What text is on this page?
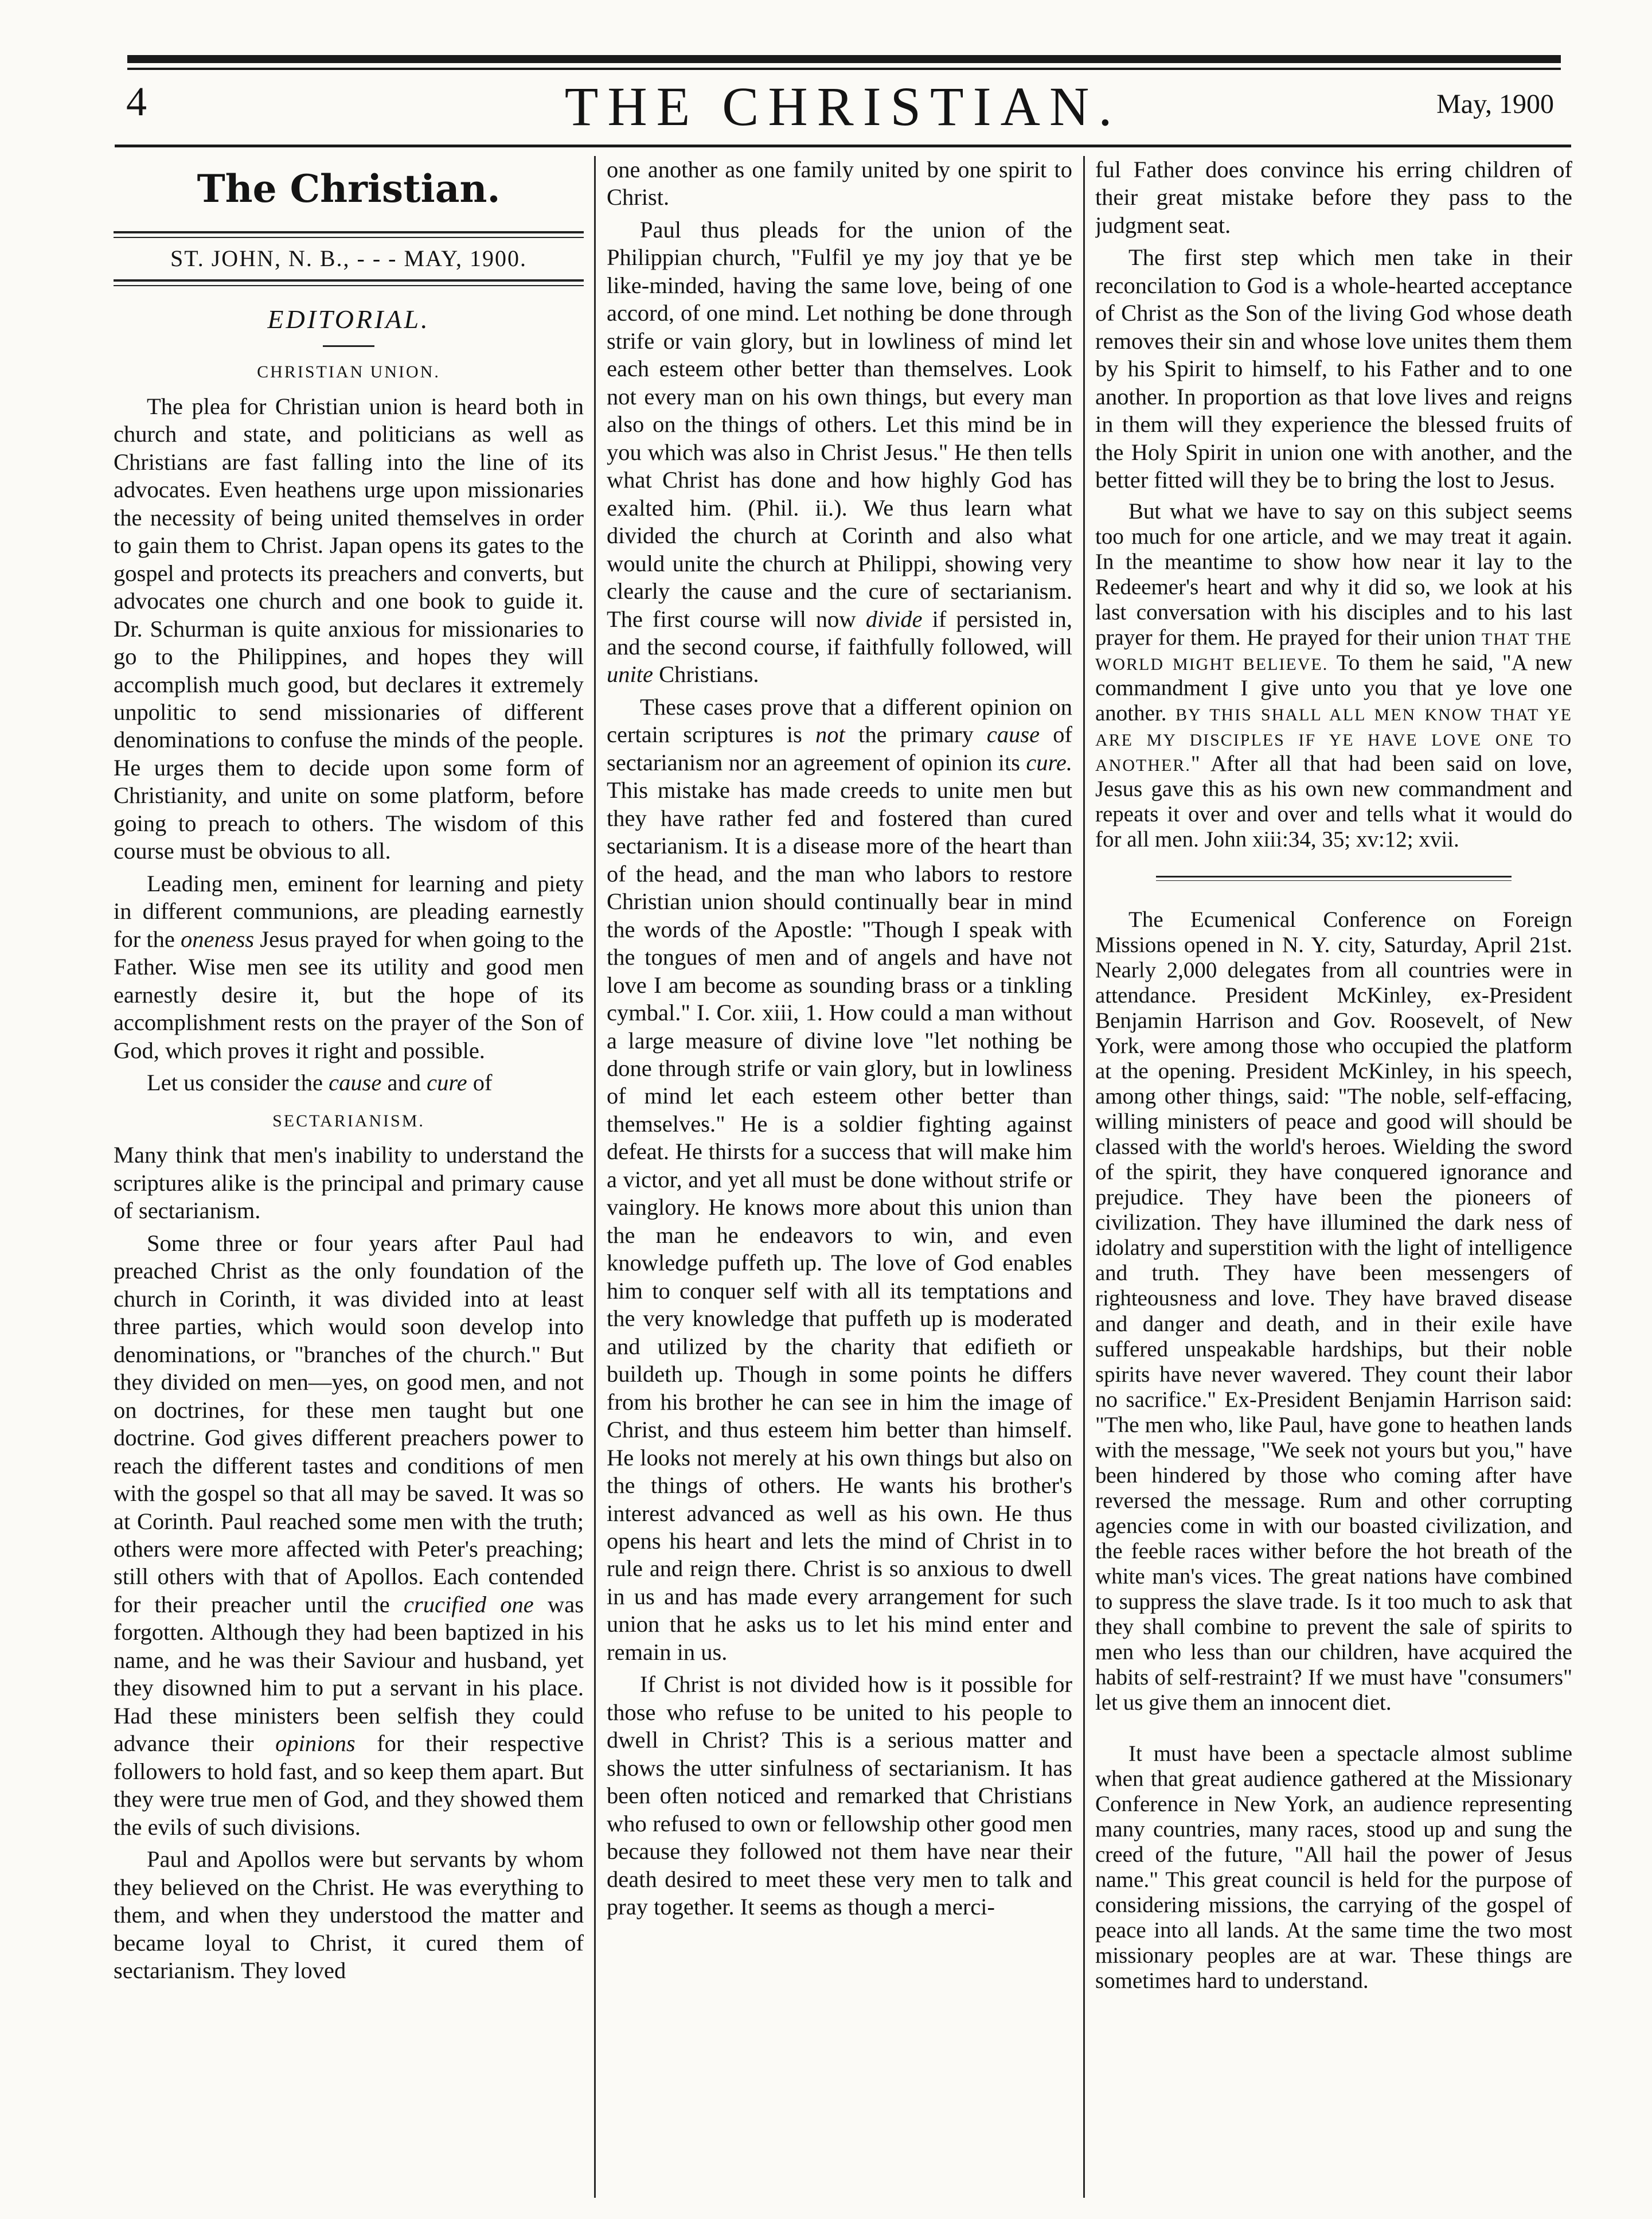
4	THE CHRISTIAN.	May, 1900
The Christian.
ST. JOHN, N. B., - - - MAY, 1900.
EDITORIAL.
CHRISTIAN UNION.

The plea for Christian union is heard both in church and state, and politicians as well as Christians are fast falling into the line of its advocates. Even heathens urge upon missionaries the necessity of being united themselves in order to gain them to Christ. Japan opens its gates to the gospel and protects its preachers and converts, but advocates one church and one book to guide it. Dr. Schurman is quite anxious for missionaries to go to the Philippines, and hopes they will accomplish much good, but declares it extremely unpolitic to send missionaries of different denominations to confuse the minds of the people. He urges them to decide upon some form of Christianity, and unite on some platform, before going to preach to others. The wisdom of this course must be obvious to all.

Leading men, eminent for learning and piety in different communions, are pleading earnestly for the oneness Jesus prayed for when going to the Father. Wise men see its utility and good men earnestly desire it, but the hope of its accomplishment rests on the prayer of the Son of God, which proves it right and possible.

Let us consider the cause and cure of

SECTARIANISM.

Many think that men's inability to understand the scriptures alike is the principal and primary cause of sectarianism.

Some three or four years after Paul had preached Christ as the only foundation of the church in Corinth, it was divided into at least three parties, which would soon develop into denominations, or "branches of the church." But they divided on men—yes, on good men, and not on doctrines, for these men taught but one doctrine. God gives different preachers power to reach the different tastes and conditions of men with the gospel so that all may be saved. It was so at Corinth. Paul reached some men with the truth; others were more affected with Peter's preaching; still others with that of Apollos. Each contended for their preacher until the crucified one was forgotten. Although they had been baptized in his name, and he was their Saviour and husband, yet they disowned him to put a servant in his place. Had these ministers been selfish they could advance their opinions for their respective followers to hold fast, and so keep them apart. But they were true men of God, and they showed them the evils of such divisions.

Paul and Apollos were but servants by whom they believed on the Christ. He was everything to them, and when they understood the matter and became loyal to Christ, it cured them of sectarianism. They loved

one another as one family united by one spirit to Christ.

Paul thus pleads for the union of the Philippian church, "Fulfil ye my joy that ye be like-minded, having the same love, being of one accord, of one mind. Let nothing be done through strife or vain glory, but in lowliness of mind let each esteem other better than themselves. Look not every man on his own things, but every man also on the things of others. Let this mind be in you which was also in Christ Jesus." He then tells what Christ has done and how highly God has exalted him. (Phil. ii.). We thus learn what divided the church at Corinth and also what would unite the church at Philippi, showing very clearly the cause and the cure of sectarianism. The first course will now divide if persisted in, and the second course, if faithfully followed, will unite Christians.

These cases prove that a different opinion on certain scriptures is not the primary cause of sectarianism nor an agreement of opinion its cure. This mistake has made creeds to unite men but they have rather fed and fostered than cured sectarianism. It is a disease more of the heart than of the head, and the man who labors to restore Christian union should continually bear in mind the words of the Apostle: "Though I speak with the tongues of men and of angels and have not love I am become as sounding brass or a tinkling cymbal." I. Cor. xiii, 1. How could a man without a large measure of divine love "let nothing be done through strife or vain glory, but in lowliness of mind let each esteem other better than themselves." He is a soldier fighting against defeat. He thirsts for a success that will make him a victor, and yet all must be done without strife or vainglory. He knows more about this union than the man he endeavors to win, and even knowledge puffeth up. The love of God enables him to conquer self with all its temptations and the very knowledge that puffeth up is moderated and utilized by the charity that edifieth or buildeth up. Though in some points he differs from his brother he can see in him the image of Christ, and thus esteem him better than himself. He looks not merely at his own things but also on the things of others. He wants his brother's interest advanced as well as his own. He thus opens his heart and lets the mind of Christ in to rule and reign there. Christ is so anxious to dwell in us and has made every arrangement for such union that he asks us to let his mind enter and remain in us.

If Christ is not divided how is it possible for those who refuse to be united to his people to dwell in Christ? This is a serious matter and shows the utter sinfulness of sectarianism. It has been often noticed and remarked that Christians who refused to own or fellowship other good men because they followed not them have near their death desired to meet these very men to talk and pray together. It seems as though a merci-

ful Father does convince his erring children of their great mistake before they pass to the judgment seat.

The first step which men take in their reconcilation to God is a whole-hearted acceptance of Christ as the Son of the living God whose death removes their sin and whose love unites them them by his Spirit to himself, to his Father and to one another. In proportion as that love lives and reigns in them will they experience the blessed fruits of the Holy Spirit in union one with another, and the better fitted will they be to bring the lost to Jesus.

But what we have to say on this subject seems too much for one article, and we may treat it again. In the meantime to show how near it lay to the Redeemer's heart and why it did so, we look at his last conversation with his disciples and to his last prayer for them. He prayed for their union THAT THE WORLD MIGHT BELIEVE. To them he said, "A new commandment I give unto you that ye love one another. BY THIS SHALL ALL MEN KNOW THAT YE ARE MY DISCIPLES IF YE HAVE LOVE ONE TO ANOTHER." After all that had been said on love, Jesus gave this as his own new commandment and repeats it over and over and tells what it would do for all men. John xiii:34, 35; xv:12; xvii.

The Ecumenical Conference on Foreign Missions opened in N. Y. city, Saturday, April 21st. Nearly 2,000 delegates from all countries were in attendance. President McKinley, ex-President Benjamin Harrison and Gov. Roosevelt, of New York, were among those who occupied the platform at the opening. President McKinley, in his speech, among other things, said: "The noble, self-effacing, willing ministers of peace and good will should be classed with the world's heroes. Wielding the sword of the spirit, they have conquered ignorance and prejudice. They have been the pioneers of civilization. They have illumined the dark ness of idolatry and superstition with the light of intelligence and truth. They have been messengers of righteousness and love. They have braved disease and danger and death, and in their exile have suffered unspeakable hardships, but their noble spirits have never wavered. They count their labor no sacrifice." Ex-President Benjamin Harrison said: "The men who, like Paul, have gone to heathen lands with the message, "We seek not yours but you," have been hindered by those who coming after have reversed the message. Rum and other corrupting agencies come in with our boasted civilization, and the feeble races wither before the hot breath of the white man's vices. The great nations have combined to suppress the slave trade. Is it too much to ask that they shall combine to prevent the sale of spirits to men who less than our children, have acquired the habits of self-restraint? If we must have "consumers" let us give them an innocent diet.

It must have been a spectacle almost sublime when that great audience gathered at the Missionary Conference in New York, an audience representing many countries, many races, stood up and sung the creed of the future, "All hail the power of Jesus name." This great council is held for the purpose of considering missions, the carrying of the gospel of peace into all lands. At the same time the two most missionary peoples are at war. These things are sometimes hard to understand.
